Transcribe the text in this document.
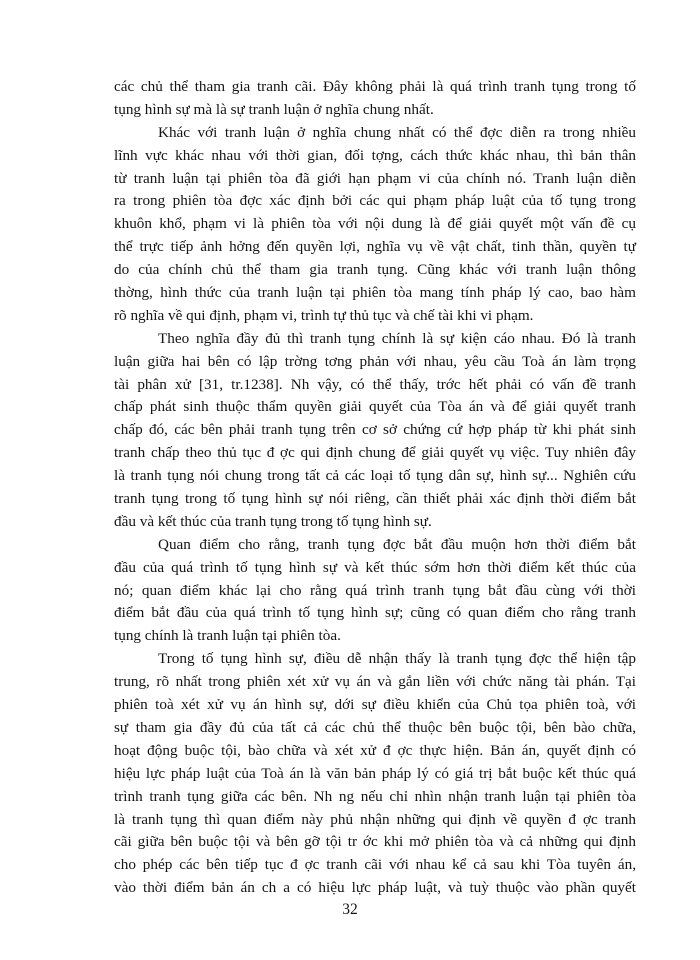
các chủ thể tham gia tranh cãi. Đây không phải là quá trình tranh tụng trong tố
tụng hình sự mà là sự tranh luận ở nghĩa chung nhất.
Khác với tranh luận ở nghĩa chung nhất có thể đợc diễn ra trong nhiều
lĩnh vực khác nhau với thời gian, đối tợng, cách thức khác nhau, thì bản thân
từ tranh luận tại phiên tòa đã giới hạn phạm vi của chính nó. Tranh luận diễn
ra trong phiên tòa đợc xác định bởi các qui phạm pháp luật của tố tụng trong
khuôn khổ, phạm vi là phiên tòa với nội dung là để giải quyết một vấn đề cụ
thể trực tiếp ảnh hởng đến quyền lợi, nghĩa vụ về vật chất, tinh thần, quyền tự
do của chính chủ thể tham gia tranh tụng. Cũng khác với tranh luận thông
thờng, hình thức của tranh luận tại phiên tòa mang tính pháp lý cao, bao hàm
rõ nghĩa về qui định, phạm vi, trình tự thủ tục và chế tài khi vi phạm.
Theo nghĩa đầy đủ thì tranh tụng chính là sự kiện cáo nhau. Đó là tranh
luận giữa hai bên có lập trờng tơng phản với nhau, yêu cầu Toà án làm trọng
tài phân xử [31, tr.1238]. Nh vậy, có thể thấy, trớc hết phải có vấn đề tranh
chấp phát sinh thuộc thẩm quyền giải quyết của Tòa án và để giải quyết tranh
chấp đó, các bên phải tranh tụng trên cơ sở chứng cứ hợp pháp từ khi phát sinh
tranh chấp theo thủ tục đ ợc qui định chung để giải quyết vụ việc. Tuy nhiên đây
là tranh tụng nói chung trong tất cả các loại tố tụng dân sự, hình sự... Nghiên cứu
tranh tụng trong tố tụng hình sự nói riêng, cần thiết phải xác định thời điểm bắt
đầu và kết thúc của tranh tụng trong tố tụng hình sự.
Quan điểm cho rằng, tranh tụng đợc bắt đầu muộn hơn thời điểm bắt
đầu của quá trình tố tụng hình sự và kết thúc sớm hơn thời điểm kết thúc của
nó; quan điểm khác lại cho rằng quá trình tranh tụng bắt đầu cùng với thời
điểm bắt đầu của quá trình tố tụng hình sự; cũng có quan điểm cho rằng tranh
tụng chính là tranh luận tại phiên tòa.
Trong tố tụng hình sự, điều dễ nhận thấy là tranh tụng đợc thể hiện tập
trung, rõ nhất trong phiên xét xử vụ án và gắn liền với chức năng tài phán. Tại
phiên toà xét xử vụ án hình sự, dới sự điều khiển của Chủ tọa phiên toà, với
sự tham gia đầy đủ của tất cả các chủ thể thuộc bên buộc tội, bên bào chữa,
hoạt động buộc tội, bào chữa và xét xử đ ợc thực hiện. Bản án, quyết định có
hiệu lực pháp luật của Toà án là văn bản pháp lý có giá trị bắt buộc kết thúc quá
trình tranh tụng giữa các bên. Nh ng nếu chỉ nhìn nhận tranh luận tại phiên tòa
là tranh tụng thì quan điểm này phủ nhận những qui định về quyền đ ợc tranh
cãi giữa bên buộc tội và bên gỡ tội tr ớc khi mở phiên tòa và cả những qui định
cho phép các bên tiếp tục đ ợc tranh cãi với nhau kể cả sau khi Tòa tuyên án,
vào thời điểm bản án ch a có hiệu lực pháp luật, và tuỳ thuộc vào phần quyết
32
